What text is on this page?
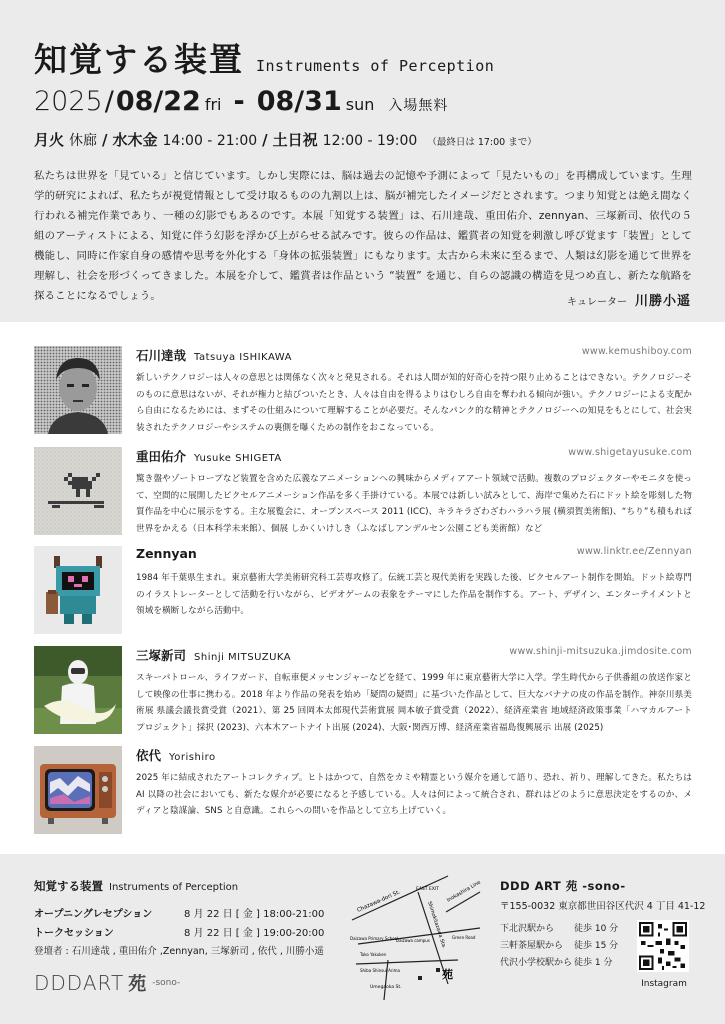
知覚する装置 Instruments of Perception
2025 / 08/22 fri - 08/31 sun 入場無料
月火 休廊 / 水木金 14:00 - 21:00 / 土日祝 12:00 - 19:00 （最終日は 17:00 まで）

私たちは世界を「見ている」と信じています。しかし実際には、脳は過去の記憶や予測によって「見たいもの」を再構成しています。生理学的研究によれば、私たちが視覚情報として受け取るものの九割以上は、脳が補完したイメージだとされます。つまり知覚とは絶え間なく行われる補完作業であり、一種の幻影でもあるのです。本展「知覚する装置」は、石川達哉、重田佑介、zennyan、三塚新司、依代の５組のアーティストによる、知覚に伴う幻影を浮かび上がらせる試みです。彼らの作品は、鑑賞者の知覚を刺激し呼び覚ます「装置」として機能し、同時に作家自身の感情や思考を外化する「身体の拡張装置」にもなります。太古から未来に至るまで、人類は幻影を通じて世界を理解し、社会を形づくってきました。本展を介して、鑑賞者は作品という “装置” を通じ、自らの認識の構造を見つめ直し、新たな航路を探ることになるでしょう。

キュレーター 川勝小遥
石川達哉 Tatsuya ISHIKAWA
www.kemushiboy.com

新しいテクノロジーは人々の意思とは関係なく次々と発見される。それは人間が知的好奇心を持つ限り止めることはできない。テクノロジーそのものに意思はないが、それが権力と結びついたとき、人々は自由を得るよりはむしろ自由を奪われる傾向が強い。テクノロジーによる支配から自由になるためには、まずその仕組みについて理解することが必要だ。そんなパンク的な精神とテクノロジーへの知見をもとにして、社会実装されたテクノロジーやシステムの裏側を曝くための制作をおこなっている。

重田佑介 Yusuke SHIGETA
www.shigetayusuke.com

驚き盤やゾートロープなど装置を含めた広義なアニメーションへの興味からメディアアート領域で活動。複数のプロジェクターやモニタを使って、空間的に展開したピクセルアニメーション作品を多く手掛けている。本展では新しい試みとして、海岸で集めた石にドット絵を彫刻した物質作品を中心に展示をする。主な展覧会に、オープンスペース 2011 (ICC)、キラキラざわざわハラハラ展 (横須賀美術館)、“ちり”も積もれば世界をかえる（日本科学未来館）、個展 しかくいけしき（ふなばしアンデルセン公園こども美術館）など

Zennyan	www.linktr.ee/Zennyan

1984 年千葉県生まれ。東京藝術大学美術研究科工芸専攻修了。伝統工芸と現代美術を実践した後、ピクセルアート制作を開始。ドット絵専門のイラストレーターとして活動を行いながら、ビデオゲームの表象をテーマにした作品を制作する。アート、デザイン、エンターテイメントと領域を横断しながら活動中。

三塚新司 Shinji MITSUZUKA
www.shinji-mitsuzuka.jimdosite.com

スキーパトロール、ライフガード、自転車便メッセンジャーなどを経て、1999 年に東京藝術大学に入学。学生時代から子供番組の放送作家として映像の仕事に携わる。2018 年より作品の発表を始め「疑問の疑問」に基づいた作品として、巨大なバナナの皮の作品を制作。神奈川県美術展 県議会議長賞受賞（2021）、第 25 回岡本太郎現代芸術賞展 岡本敏子賞受賞（2022）、経済産業省 地域経済政策事業「ハマカルアートプロジェクト」採択 (2023)、六本木アートナイト出展 (2024)、大阪･関西万博、経済産業省福島復興展示 出展 (2025)

依代 Yorishiro

2025 年に結成されたアートコレクティブ。ヒトはかつて、自然をカミや精霊という媒介を通して語り、恐れ、祈り、理解してきた。私たちは AI 以降の社会においても、新たな媒介が必要になると予感している。人々は何によって統合され、群れはどのように意思決定をするのか、メディアと陰謀論、SNS と自意識。これらへの問いを作品として立ち上げていく。

知覚する装置 Instruments of Perception
オープニングレセプション	8 月 22 日 [ 金 ] 18:00-21:00
トークセッション	8 月 22 日 [ 金 ] 19:00-20:00
登壇者 : 石川達哉 , 重田佑介 ,Zennyan, 三塚新司 , 依代 , 川勝小遥
DDDART 苑 -sono-
Chazawa-dori St.	Shimokitazawa Sta.
Inokashira Line
EAST EXIT
Daizawa Primary School
Daizawa campus
Green Road
Tako Yakuken
Shiba Shinsui Arima
Umegaoka St.
苑
DDD ART 苑 -sono-
〒155-0032 東京都世田谷区代沢 4 丁目 41-12
下北沢駅から	徒歩 10 分
三軒茶屋駅から	徒歩 15 分
代沢小学校駅から 徒歩 1 分
Instagram
